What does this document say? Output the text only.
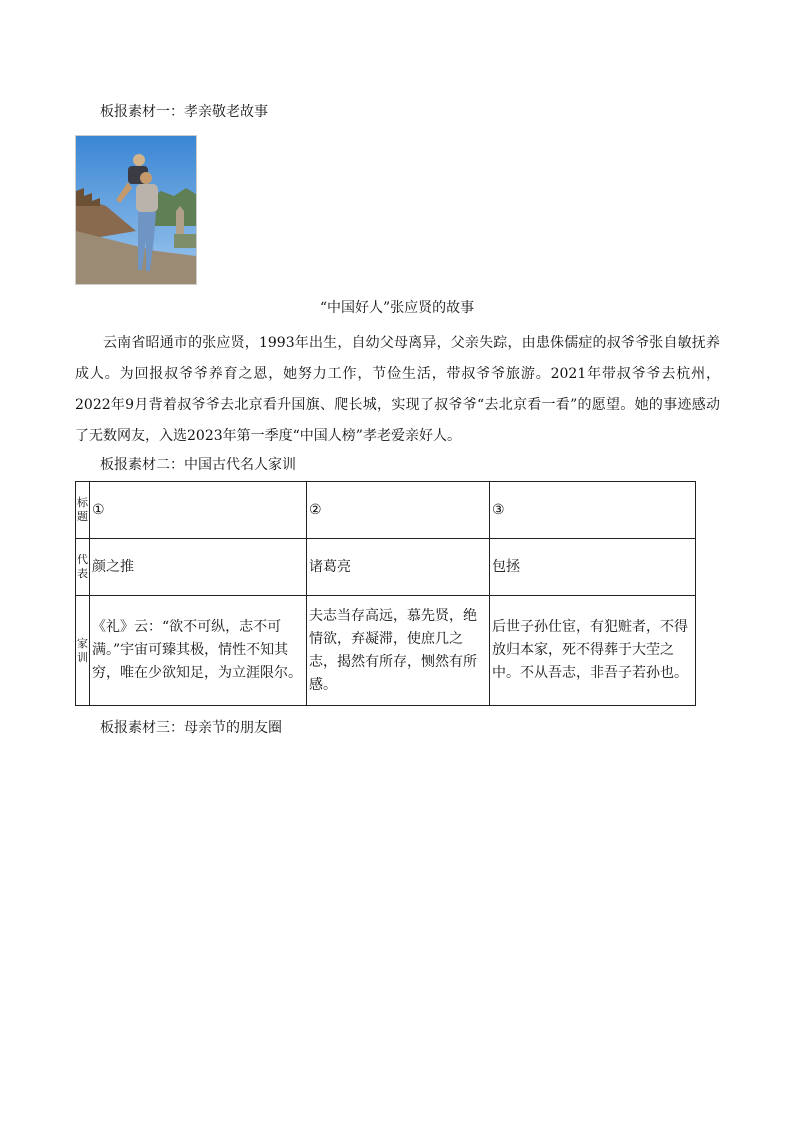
板报素材一：孝亲敬老故事
“中国好人”张应贤的故事
云南省昭通市的张应贤，1993年出生，自幼父母离异，父亲失踪，由患侏儒症的叔爷爷张自敏抚养成人。为回报叔爷爷养育之恩，她努力工作，节俭生活，带叔爷爷旅游。2021年带叔爷爷去杭州，2022年9月背着叔爷爷去北京看升国旗、爬长城，实现了叔爷爷“去北京看一看”的愿望。她的事迹感动了无数网友，入选2023年第一季度“中国人榜”孝老爱亲好人。
板报素材二：中国古代名人家训
标题	①	②	③
代表	颜之推	诸葛亮	包拯
家训	《礼》云：“欲不可纵，志不可满。”宇宙可臻其极，情性不知其穷，唯在少欲知足，为立涯限尔。	夫志当存高远，慕先贤，绝情欲，弃凝滞，使庶几之志，揭然有所存，恻然有所感。	后世子孙仕宦，有犯赃者，不得放归本家，死不得葬于大茔之中。不从吾志，非吾子若孙也。
板报素材三：母亲节的朋友圈
